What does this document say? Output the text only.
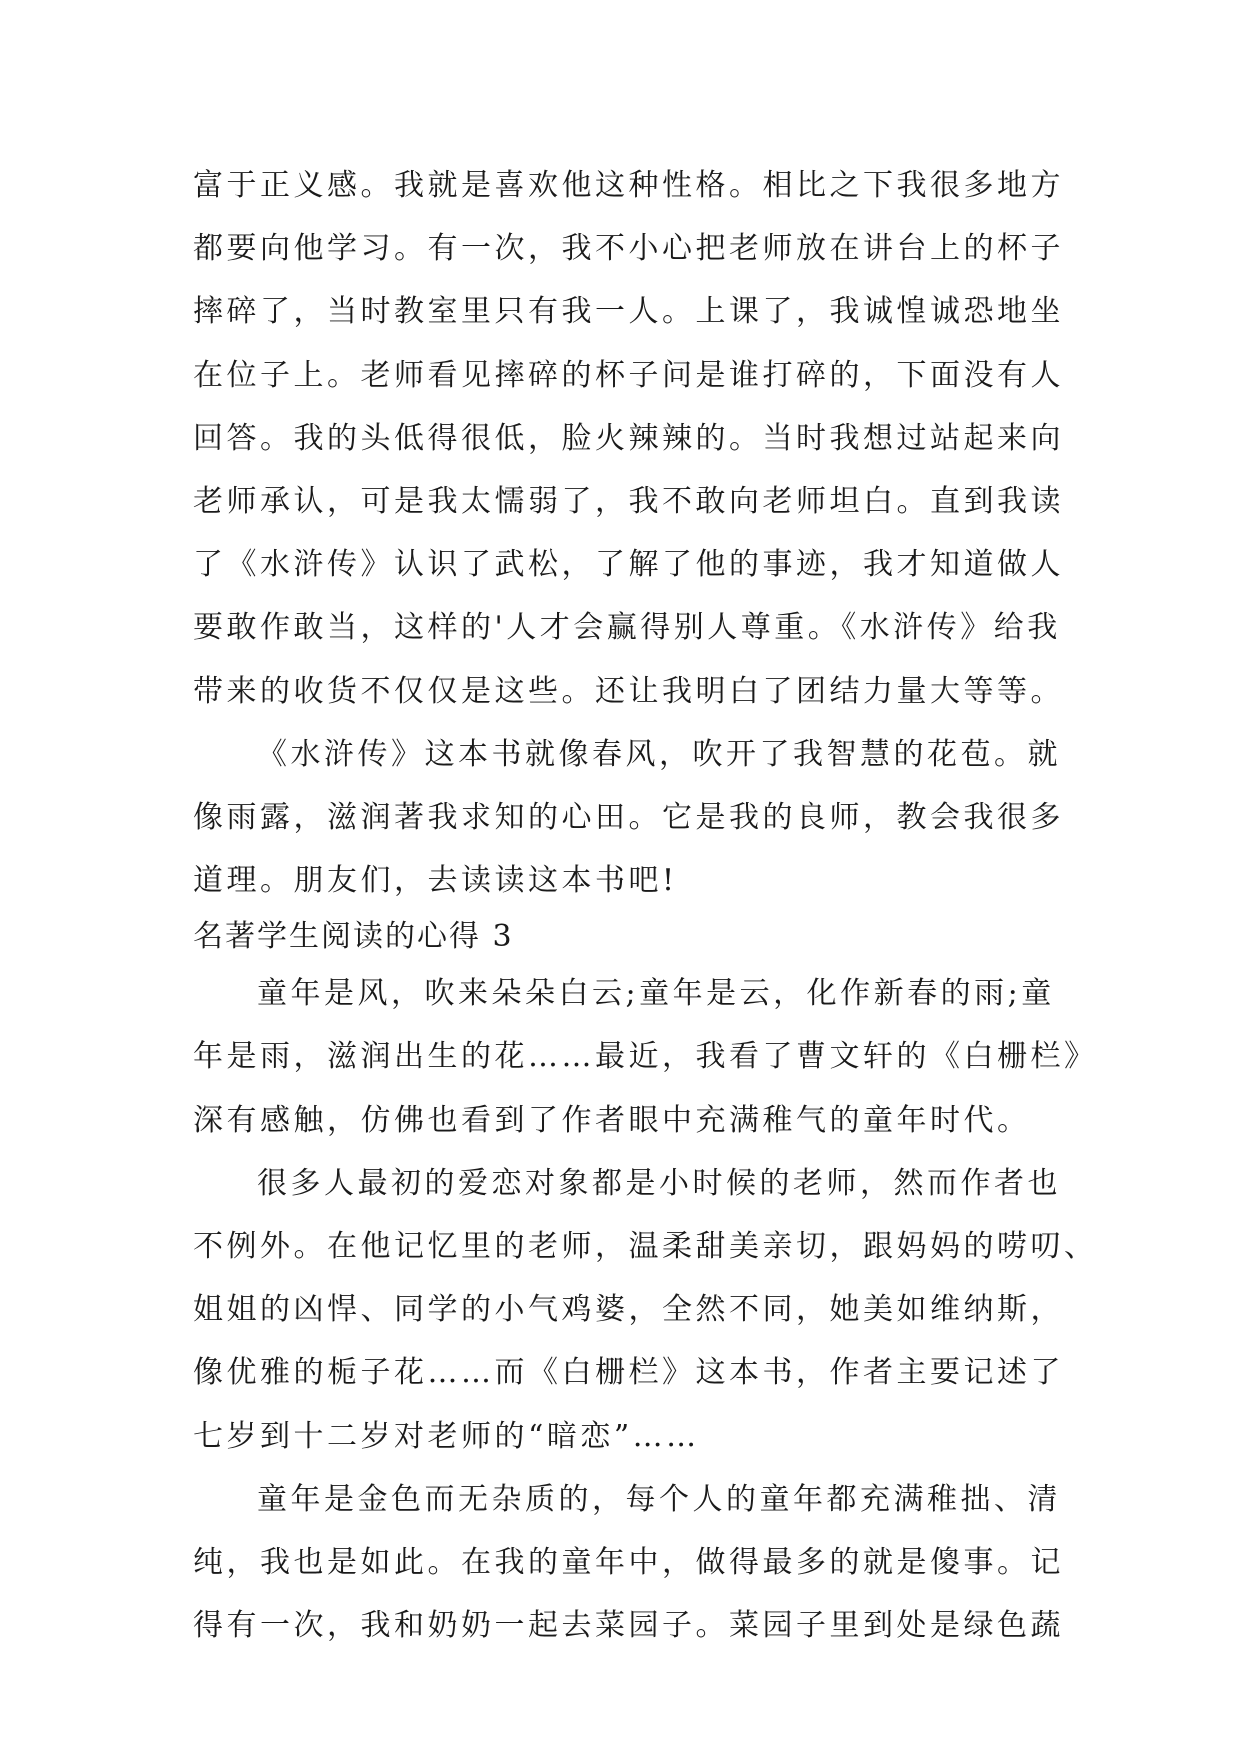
富于正义感。我就是喜欢他这种性格。相比之下我很多地方
都要向他学习。有一次，我不小心把老师放在讲台上的杯子
摔碎了，当时教室里只有我一人。上课了，我诚惶诚恐地坐
在位子上。老师看见摔碎的杯子问是谁打碎的，下面没有人
回答。我的头低得很低，脸火辣辣的。当时我想过站起来向
老师承认，可是我太懦弱了，我不敢向老师坦白。直到我读
了《水浒传》认识了武松，了解了他的事迹，我才知道做人
要敢作敢当，这样的'人才会赢得别人尊重。《水浒传》给我
带来的收货不仅仅是这些。还让我明白了团结力量大等等。
《水浒传》这本书就像春风，吹开了我智慧的花苞。就
像雨露，滋润著我求知的心田。它是我的良师，教会我很多
道理。朋友们，去读读这本书吧!
名著学生阅读的心得 3
童年是风，吹来朵朵白云;童年是云，化作新春的雨;童
年是雨，滋润出生的花……最近，我看了曹文轩的《白栅栏》
深有感触，仿佛也看到了作者眼中充满稚气的童年时代。
很多人最初的爱恋对象都是小时候的老师，然而作者也
不例外。在他记忆里的老师，温柔甜美亲切，跟妈妈的唠叨、
姐姐的凶悍、同学的小气鸡婆，全然不同，她美如维纳斯，
像优雅的栀子花……而《白栅栏》这本书，作者主要记述了
七岁到十二岁对老师的“暗恋”……
童年是金色而无杂质的，每个人的童年都充满稚拙、清
纯，我也是如此。在我的童年中，做得最多的就是傻事。记
得有一次，我和奶奶一起去菜园子。菜园子里到处是绿色蔬
